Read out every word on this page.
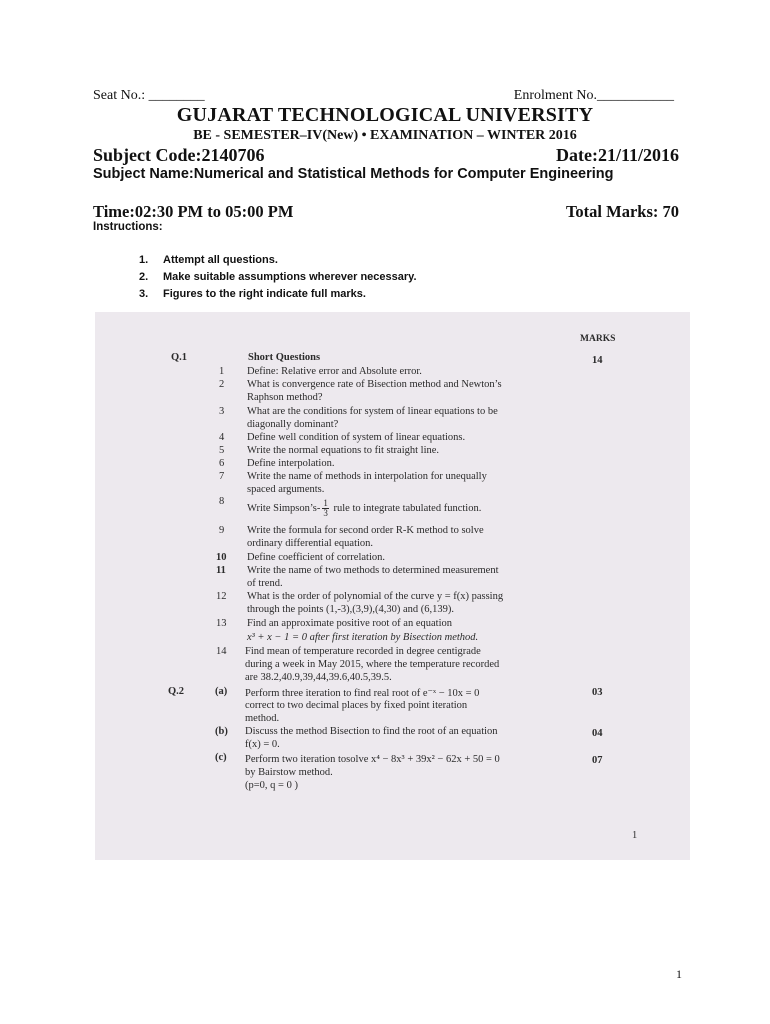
Seat No.: ________	Enrolment No.___________
GUJARAT TECHNOLOGICAL UNIVERSITY
BE - SEMESTER–IV(New) • EXAMINATION – WINTER 2016
Subject Code:2140706	Date:21/11/2016
Subject Name:Numerical and Statistical Methods for Computer Engineering
Time:02:30 PM to 05:00 PM	Total Marks: 70
Instructions:
1.	Attempt all questions.
2.	Make suitable assumptions wherever necessary.
3.	Figures to the right indicate full marks.
MARKS
Q.1	Short Questions	14
1 Define: Relative error and Absolute error.
2 What is convergence rate of Bisection method and Newton’s
Raphson method?
3 What are the conditions for system of linear equations to be
diagonally dominant?
4 Define well condition of system of linear equations.
5 Write the normal equations to fit straight line.
6 Define interpolation.
7 Write the name of methods in interpolation for unequally
spaced arguments.
8
Write Simpson’s- $\frac{1}{3}$ rule to integrate tabulated function.
9 Write the formula for second order R-K method to solve
ordinary differential equation.
10 Define coefficient of correlation.
11 Write the name of two methods to determined measurement
of trend.
12 What is the order of polynomial of the curve y = f(x) passing
through the points (1,-3),(3,9),(4,30) and (6,139).
13 Find an approximate positive root of an equation
x³ + x − 1 = 0 after first iteration by Bisection method.
14 Find mean of temperature recorded in degree centigrade
during a week in May 2015, where the temperature recorded
are 38.2,40.9,39,44,39.6,40.5,39.5.
Q.2	(a) Perform three iteration to find real root of e⁻ˣ − 10x = 0
correct to two decimal places by fixed point iteration
method.
03
(b) Discuss the method Bisection to find the root of an equation
f(x) = 0.
04
(c) Perform two iteration tosolve x⁴ − 8x³ + 39x² − 62x + 50 = 0
by Bairstow method.
(p=0, q = 0 )
07
1
1
